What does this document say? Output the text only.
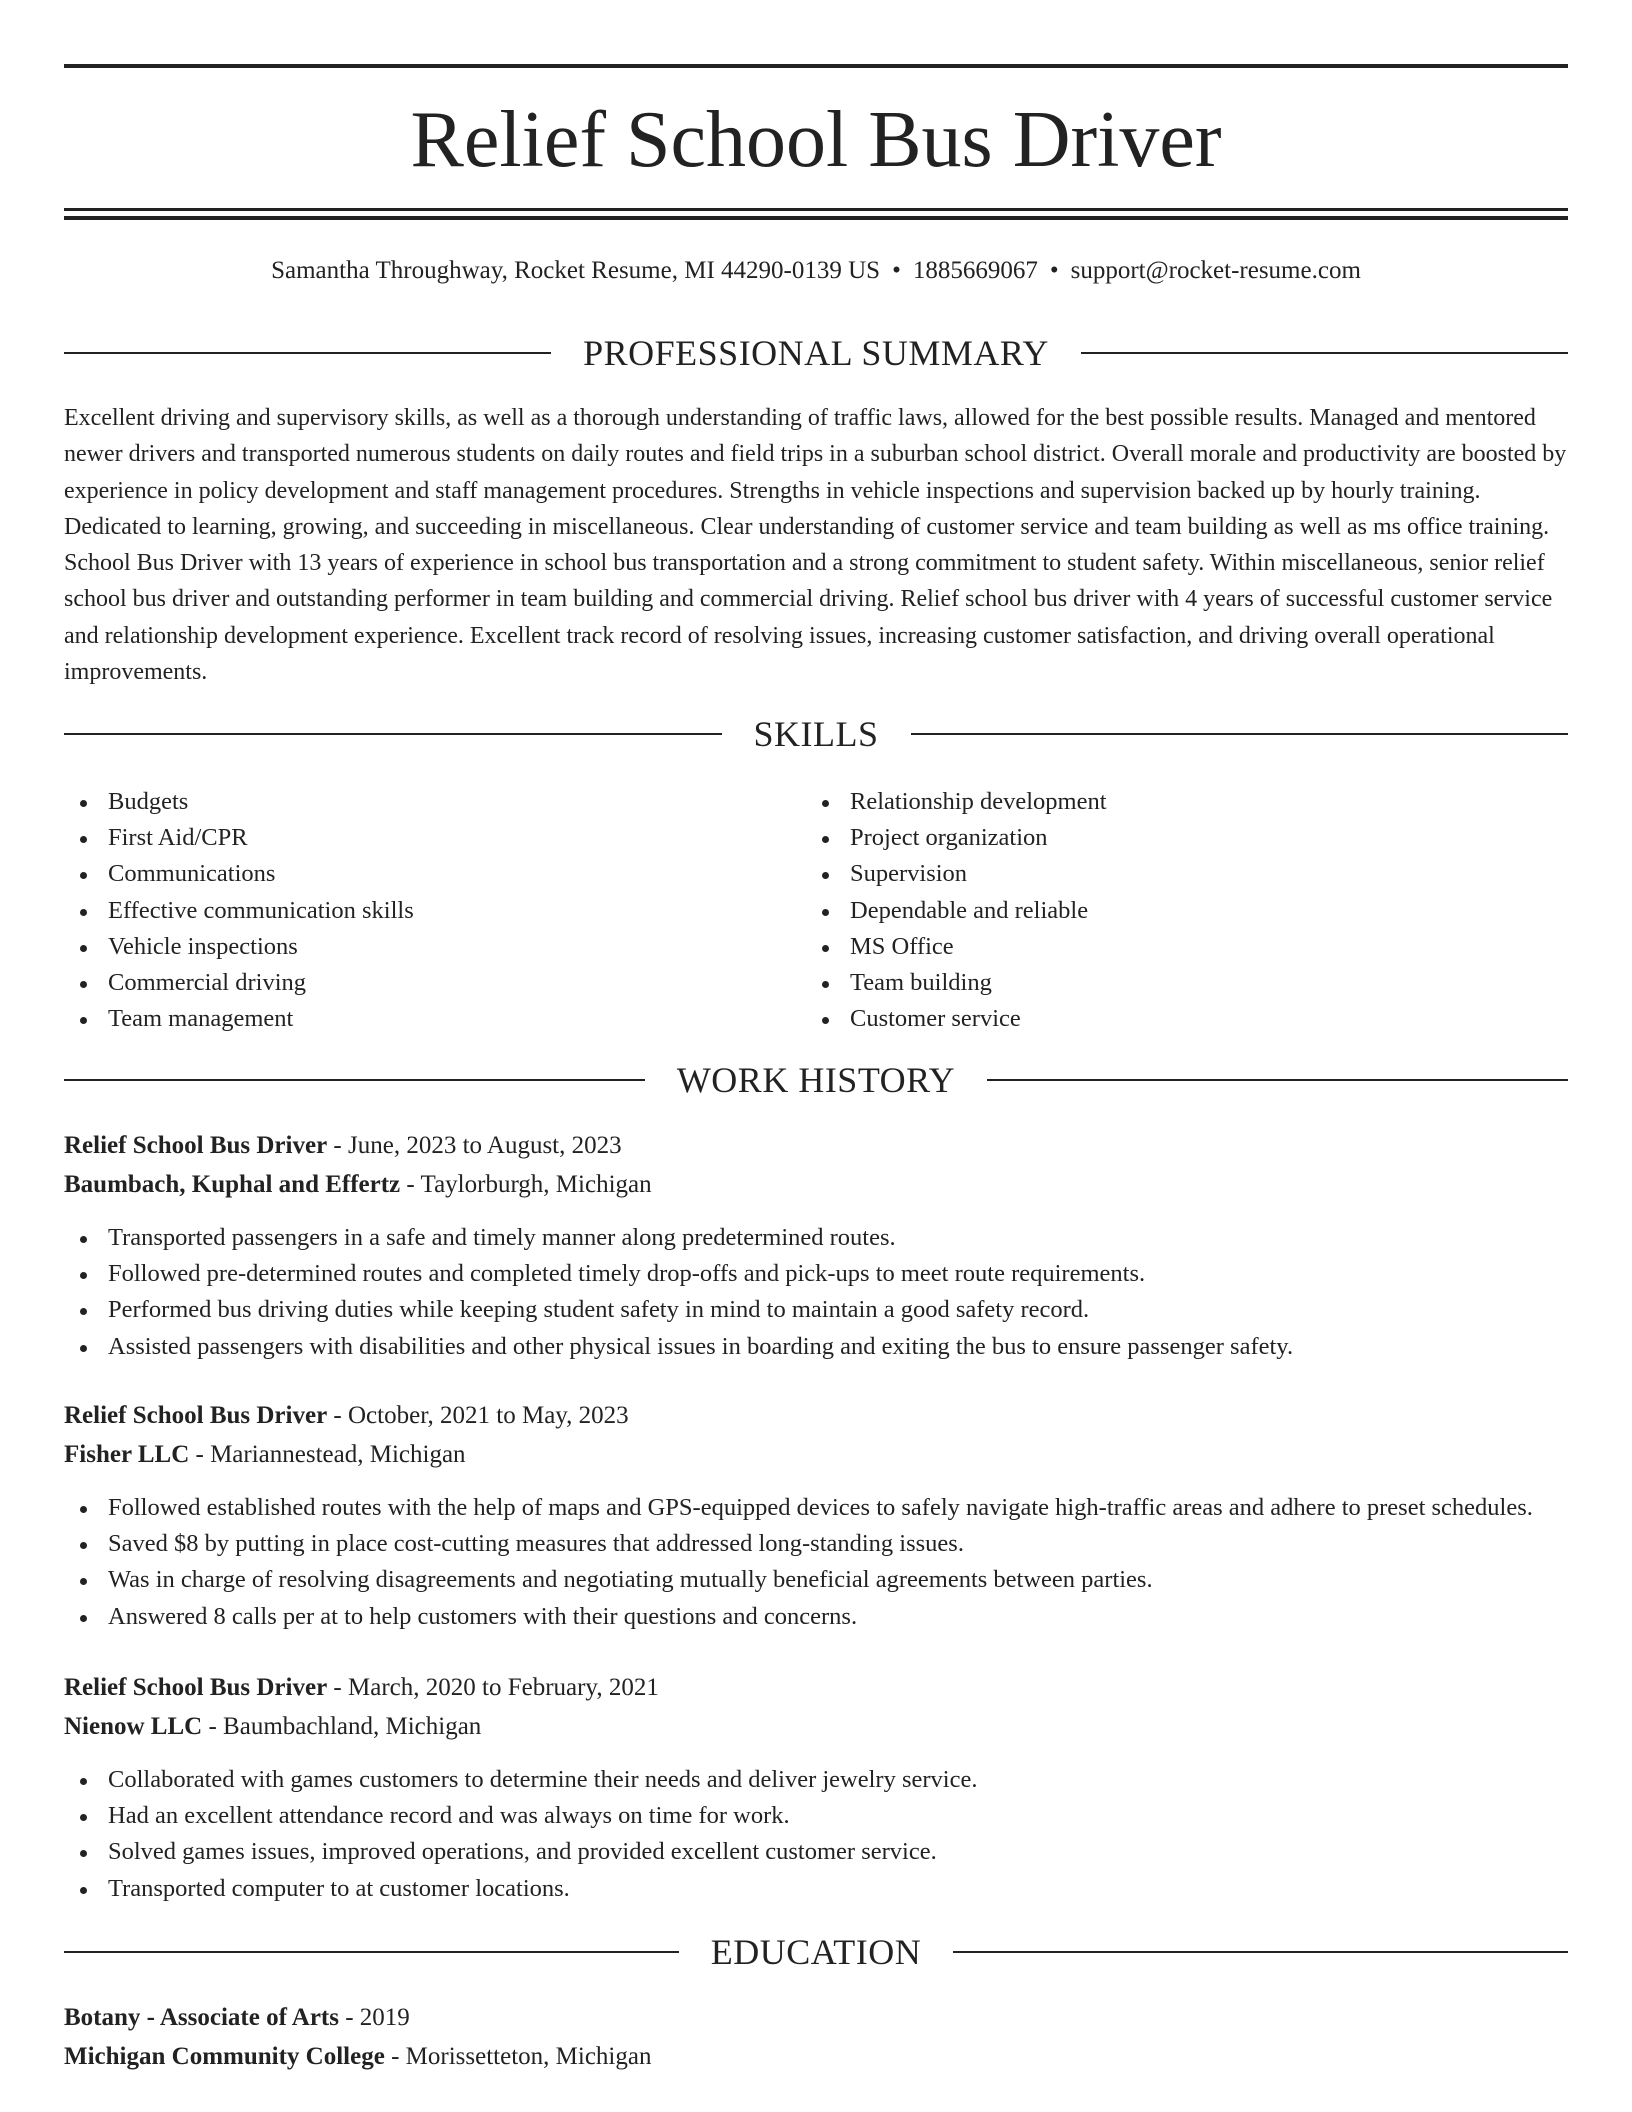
Relief School Bus Driver
Samantha Throughway, Rocket Resume, MI 44290-0139 US • 1885669067 • support@rocket-resume.com
PROFESSIONAL SUMMARY

Excellent driving and supervisory skills, as well as a thorough understanding of traffic laws, allowed for the best possible results. Managed and mentored newer drivers and transported numerous students on daily routes and field trips in a suburban school district. Overall morale and productivity are boosted by experience in policy development and staff management procedures. Strengths in vehicle inspections and supervision backed up by hourly training. Dedicated to learning, growing, and succeeding in miscellaneous. Clear understanding of customer service and team building as well as ms office training. School Bus Driver with 13 years of experience in school bus transportation and a strong commitment to student safety. Within miscellaneous, senior relief school bus driver and outstanding performer in team building and commercial driving. Relief school bus driver with 4 years of successful customer service and relationship development experience. Excellent track record of resolving issues, increasing customer satisfaction, and driving overall operational improvements.

SKILLS
Budgets
First Aid/CPR
Communications
Effective communication skills
Vehicle inspections
Commercial driving
Team management
Relationship development
Project organization
Supervision
Dependable and reliable
MS Office
Team building
Customer service
WORK HISTORY
Relief School Bus Driver - June, 2023 to August, 2023
Baumbach, Kuphal and Effertz - Taylorburgh, Michigan
Transported passengers in a safe and timely manner along predetermined routes.
Followed pre-determined routes and completed timely drop-offs and pick-ups to meet route requirements.
Performed bus driving duties while keeping student safety in mind to maintain a good safety record.
Assisted passengers with disabilities and other physical issues in boarding and exiting the bus to ensure passenger safety.
Relief School Bus Driver - October, 2021 to May, 2023
Fisher LLC - Mariannestead, Michigan
Followed established routes with the help of maps and GPS-equipped devices to safely navigate high-traffic areas and adhere to preset schedules.
Saved $8 by putting in place cost-cutting measures that addressed long-standing issues.
Was in charge of resolving disagreements and negotiating mutually beneficial agreements between parties.
Answered 8 calls per at to help customers with their questions and concerns.
Relief School Bus Driver - March, 2020 to February, 2021
Nienow LLC - Baumbachland, Michigan
Collaborated with games customers to determine their needs and deliver jewelry service.
Had an excellent attendance record and was always on time for work.
Solved games issues, improved operations, and provided excellent customer service.
Transported computer to at customer locations.
EDUCATION
Botany - Associate of Arts - 2019
Michigan Community College - Morissetteton, Michigan
